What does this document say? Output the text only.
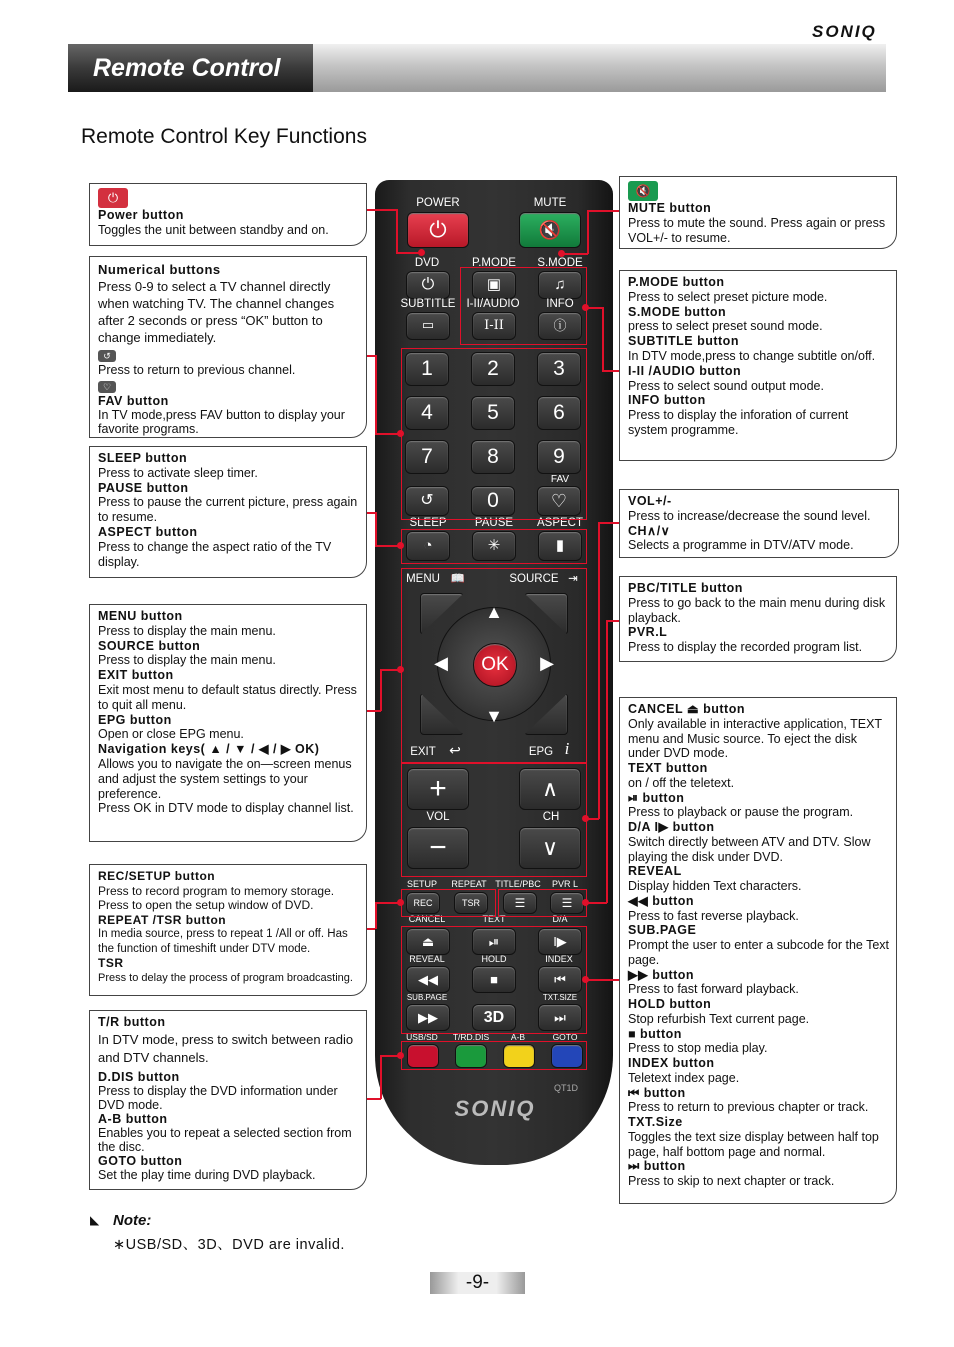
SONIQ
Remote Control
Remote Control Key Functions
⏻
Power button
Toggles the unit between standby and on.
Numerical buttons
Press 0-9 to select a TV channel directly when watching TV. The channel changes after 2 seconds or press “OK” button to change immediately.
↺
Press to return to previous channel.
♡
FAV button
In TV mode,press FAV button to display your favorite programs.
SLEEP button
Press to activate sleep timer.
PAUSE button
Press to pause the current picture, press again to resume.
ASPECT button
Press to change the aspect ratio of the TV display.
MENU button
Press to display the main menu.
SOURCE button
Press to display the main menu.
EXIT button
Exit most menu to default status directly. Press to quit all menu.
EPG button
Open or close EPG menu.
Navigation keys( ▲ / ▼ / ◀ / ▶ OK)
Allows you to navigate the on—screen menus and adjust the system settings to your preference.
Press OK in DTV mode to display channel list.
REC/SETUP button
Press to record program to memory storage. Press to open the setup window of DVD.
REPEAT /TSR button
In media source, press to repeat 1 /All or off. Has the function of timeshift under DTV mode.
TSR
Press to delay the process of program broadcasting.
T/R button
In DTV mode, press to switch between radio and DTV channels.
D.DIS button
Press to display the DVD information under DVD mode.
A-B button
Enables you to repeat a selected section from the disc.
GOTO button
Set the play time during DVD playback.
🔇
MUTE button
Press to mute the sound. Press again or press VOL+/- to resume.
P.MODE button
Press to select preset picture mode.
S.MODE button
press to select preset sound mode.
SUBTITLE button
In DTV mode,press to change subtitle on/off.
I-II /AUDIO button
Press to select sound output mode.
INFO button
Press to display the inforation of current system programme.
VOL+/-
Press to increase/decrease the sound level.
CH∧/∨
Selects a programme in DTV/ATV mode.
PBC/TITLE button
Press to go back to the main menu during disk playback.
PVR.L
Press to display the recorded program list.
CANCEL ⏏ button
Only available in interactive application, TEXT menu and Music source. To eject the disk under DVD mode.
TEXT button
on / off the teletext.
⏯ button
Press to playback or pause the program.
D/A I▶ button
Switch directly between ATV and DTV. Slow playing the disk under DVD.
REVEAL
Display hidden Text characters.
◀◀ button
Press to fast reverse playback.
SUB.PAGE
Prompt the user to enter a subcode for the Text page.
▶▶ button
Press to fast forward playback.
HOLD button
Stop refurbish Text current page.
■ button
Press to stop media play.
INDEX button
Teletext index page.
⏮ button
Press to return to previous chapter or track.
TXT.Size
Toggles the text size display between half top page, half bottom page and normal.
⏭ button
Press to skip to next chapter or track.
POWER	MUTE
⏻	🔇
DVD	P.MODE	S.MODE
⏻	▣	♫
SUBTITLE I-II/AUDIO	INFO
▭	I-II	ⓘ
1	2	3
4	5	6
7	8	9
FAV
↺	0	♡
SLEEP	PAUSE	ASPECT
◔	✳	▮
MENU 📖	SOURCE ⇥
▲
▼
◀	▶
OK
EXIT ↩	EPG i
+	∧
VOL	CH
−	∨
SETUP	REPEAT TITLE/PBC	PVR L
REC	TSR	☰	☰
CANCEL	TEXT	D/A
⏏	⏯	I▶
REVEAL	HOLD	INDEX
◀◀	■	⏮
SUB.PAGE	TXT.SIZE
▶▶	3D	⏭
USB/SD	T/RD.DIS	A-B	GOTO
QT1D
SONIQ
◣ Note:
∗USB/SD、3D、DVD are invalid.
-9-
